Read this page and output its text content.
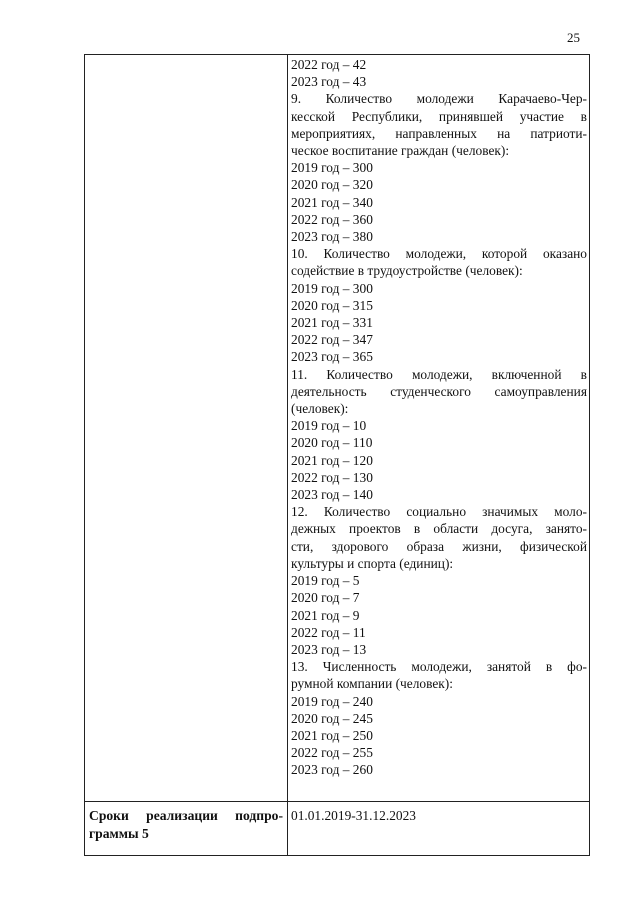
25
2022 год – 42
2023 год – 43
9. Количество молодежи Карачаево-Чер-
кесской Республики, принявшей участие в
мероприятиях, направленных на патриоти-
ческое воспитание граждан (человек):
2019 год – 300
2020 год – 320
2021 год – 340
2022 год – 360
2023 год – 380
10. Количество молодежи, которой оказано
содействие в трудоустройстве (человек):
2019 год – 300
2020 год – 315
2021 год – 331
2022 год – 347
2023 год – 365
11. Количество молодежи, включенной в
деятельность студенческого самоуправления
(человек):
2019 год – 10
2020 год – 110
2021 год – 120
2022 год – 130
2023 год – 140
12. Количество социально значимых моло-
дежных проектов в области досуга, занято-
сти, здорового образа жизни, физической
культуры и спорта (единиц):
2019 год – 5
2020 год – 7
2021 год – 9
2022 год – 11
2023 год – 13
13. Численность молодежи, занятой в фо-
румной компании (человек):
2019 год – 240
2020 год – 245
2021 год – 250
2022 год – 255
2023 год – 260
Сроки реализации подпро-
граммы 5
01.01.2019-31.12.2023
